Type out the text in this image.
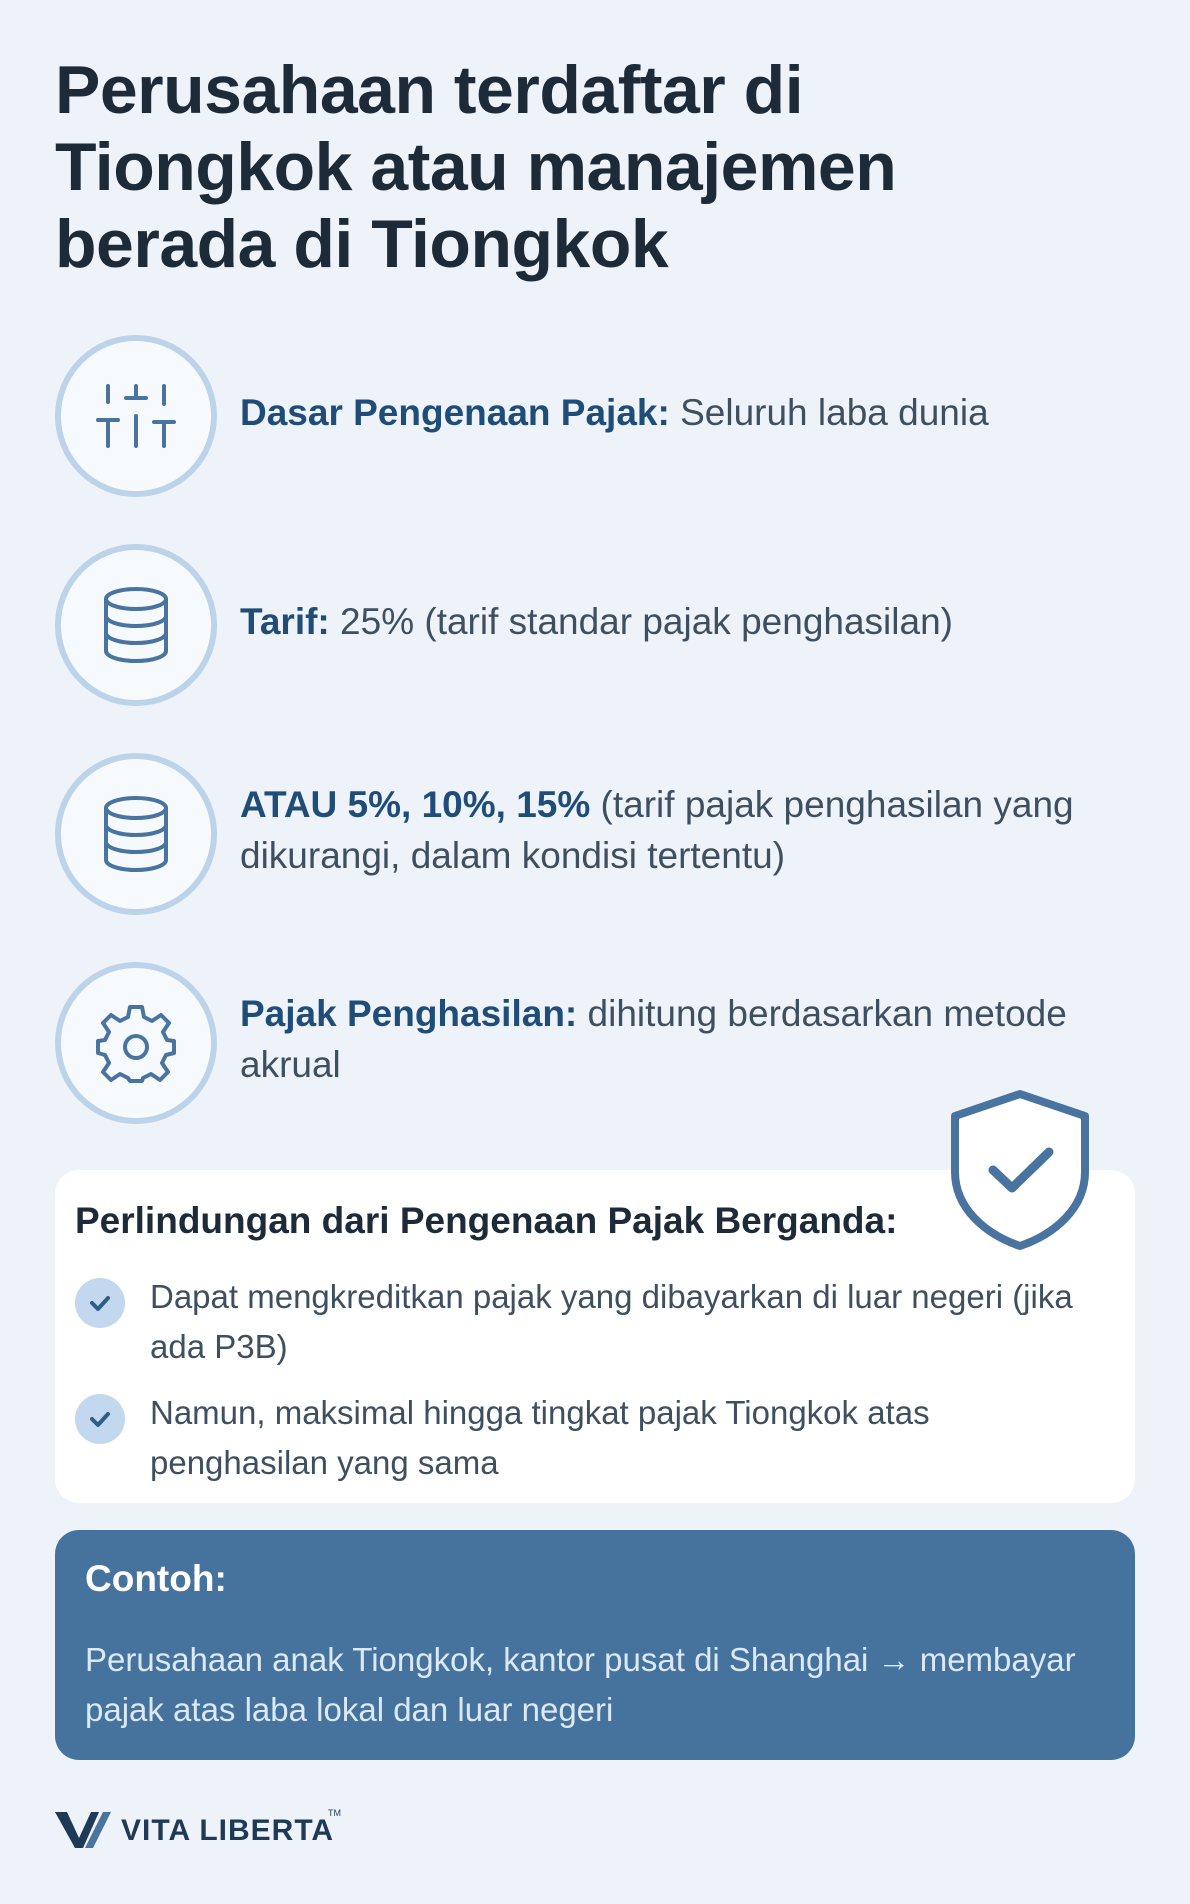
Perusahaan terdaftar di Tiongkok atau manajemen berada di Tiongkok
Dasar Pengenaan Pajak: Seluruh laba dunia
Tarif: 25% (tarif standar pajak penghasilan)
ATAU 5%, 10%, 15% (tarif pajak penghasilan yang dikurangi, dalam kondisi tertentu)
Pajak Penghasilan: dihitung berdasarkan metode akrual
Perlindungan dari Pengenaan Pajak Berganda:
Dapat mengkreditkan pajak yang dibayarkan di luar negeri (jika ada P3B)
Namun, maksimal hingga tingkat pajak Tiongkok atas penghasilan yang sama
Contoh:
Perusahaan anak Tiongkok, kantor pusat di Shanghai → membayar pajak atas laba lokal dan luar negeri
VITA LIBERTA
TM
